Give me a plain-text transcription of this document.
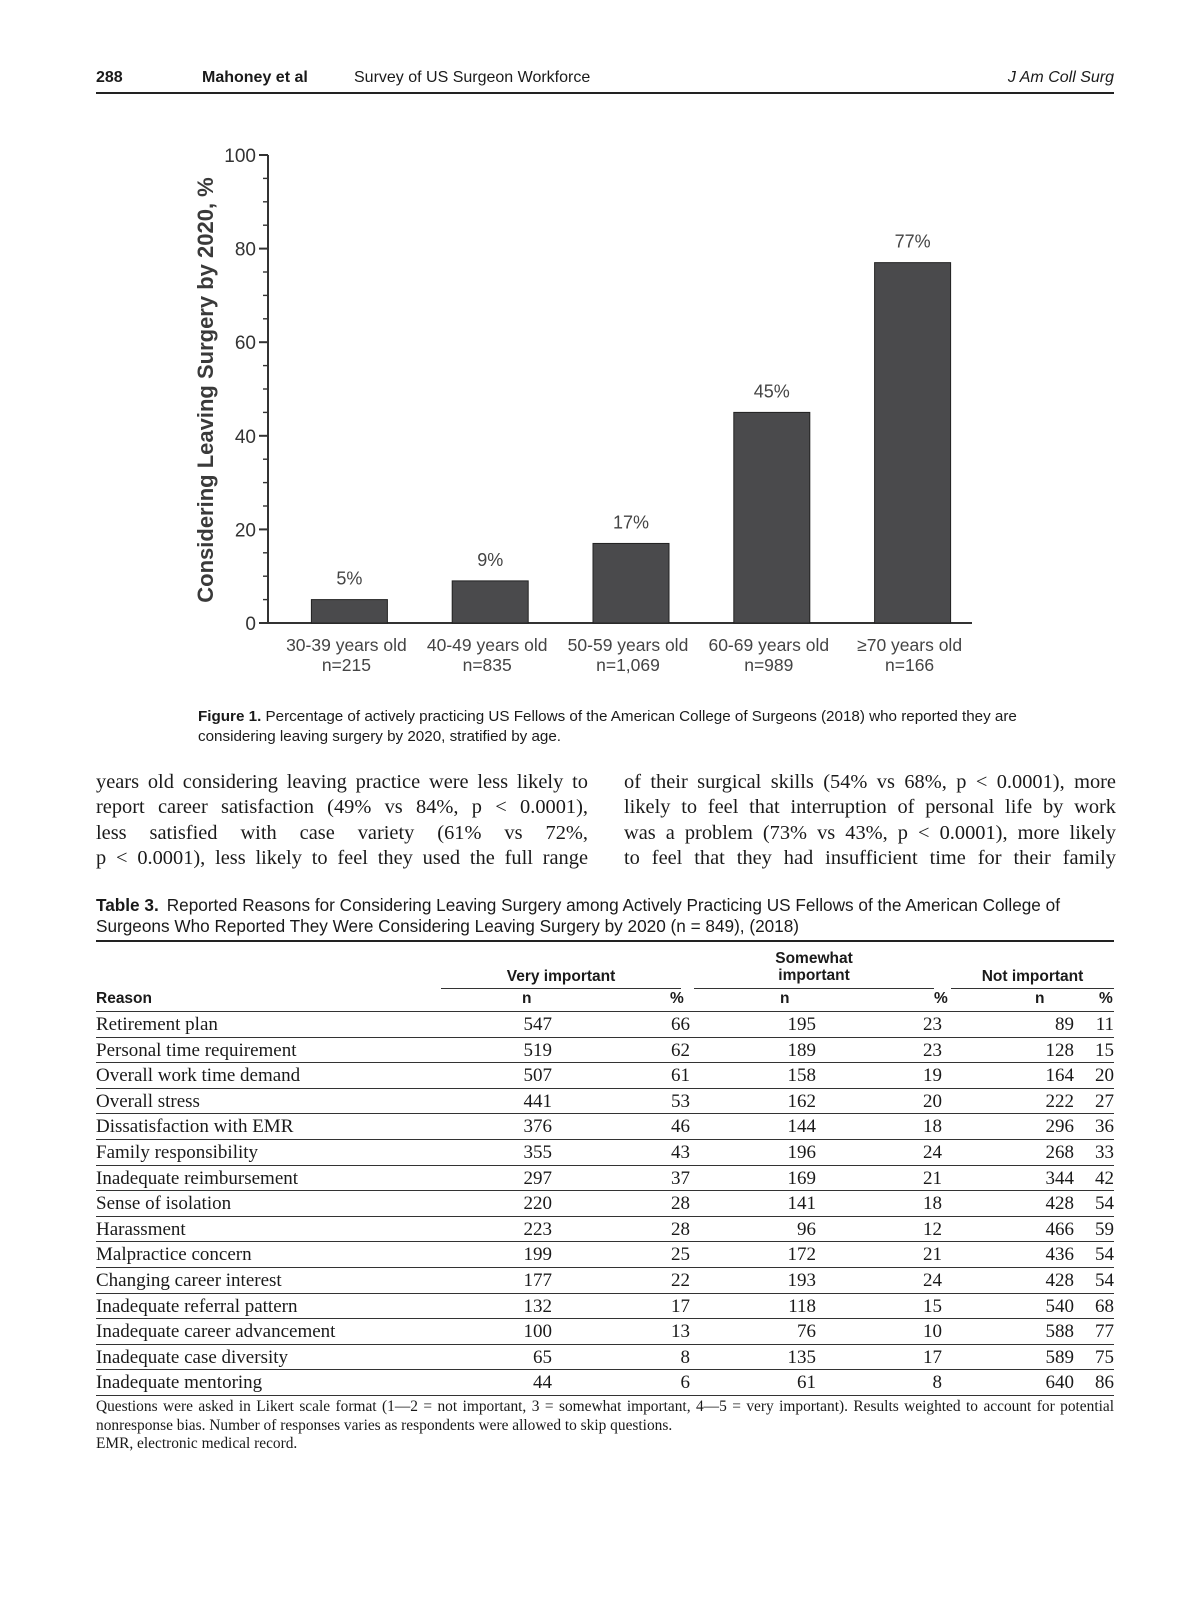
288	Mahoney et al	Survey of US Surgeon Workforce	J Am Coll Surg
0
20
40
60
80
100
Considering Leaving Surgery by 2020, %	5%
30-39 years old
n=215
9%
40-49 years old
n=835
17%
50-59 years old
n=1,069
45%
60-69 years old
n=989
77%
≥70 years old
n=166
Figure 1. Percentage of actively practicing US Fellows of the American College of Surgeons (2018) who reported they are considering leaving surgery by 2020, stratified by age.
years old considering leaving practice were less likely to
report career satisfaction (49% vs 84%, p < 0.0001),
less satisfied with case variety (61% vs 72%,
p < 0.0001), less likely to feel they used the full range
of their surgical skills (54% vs 68%, p < 0.0001), more
likely to feel that interruption of personal life by work
was a problem (73% vs 43%, p < 0.0001), more likely
to feel that they had insufficient time for their family
Table 3. Reported Reasons for Considering Leaving Surgery among Actively Practicing US Fellows of the American College of Surgeons Who Reported They Were Considering Leaving Surgery by 2020 (n = 849), (2018)
Very important
Somewhat
important	Not important
Reason	n	%	n	%	n	%
Retirement plan	547	66	195	23	89 11
Personal time requirement	519	62	189	23	128 15
Overall work time demand	507	61	158	19	164 20
Overall stress	441	53	162	20	222 27
Dissatisfaction with EMR	376	46	144	18	296 36
Family responsibility	355	43	196	24	268 33
Inadequate reimbursement	297	37	169	21	344 42
Sense of isolation	220	28	141	18	428 54
Harassment	223	28	96	12	466 59
Malpractice concern	199	25	172	21	436 54
Changing career interest	177	22	193	24	428 54
Inadequate referral pattern	132	17	118	15	540 68
Inadequate career advancement	100	13	76	10	588 77
Inadequate case diversity	65	8	135	17	589 75
Inadequate mentoring	44	6	61	8	640 86
Questions were asked in Likert scale format (1—2 = not important, 3 = somewhat important, 4—5 = very important). Results weighted to account for potential nonresponse bias. Number of responses varies as respondents were allowed to skip questions.
EMR, electronic medical record.
